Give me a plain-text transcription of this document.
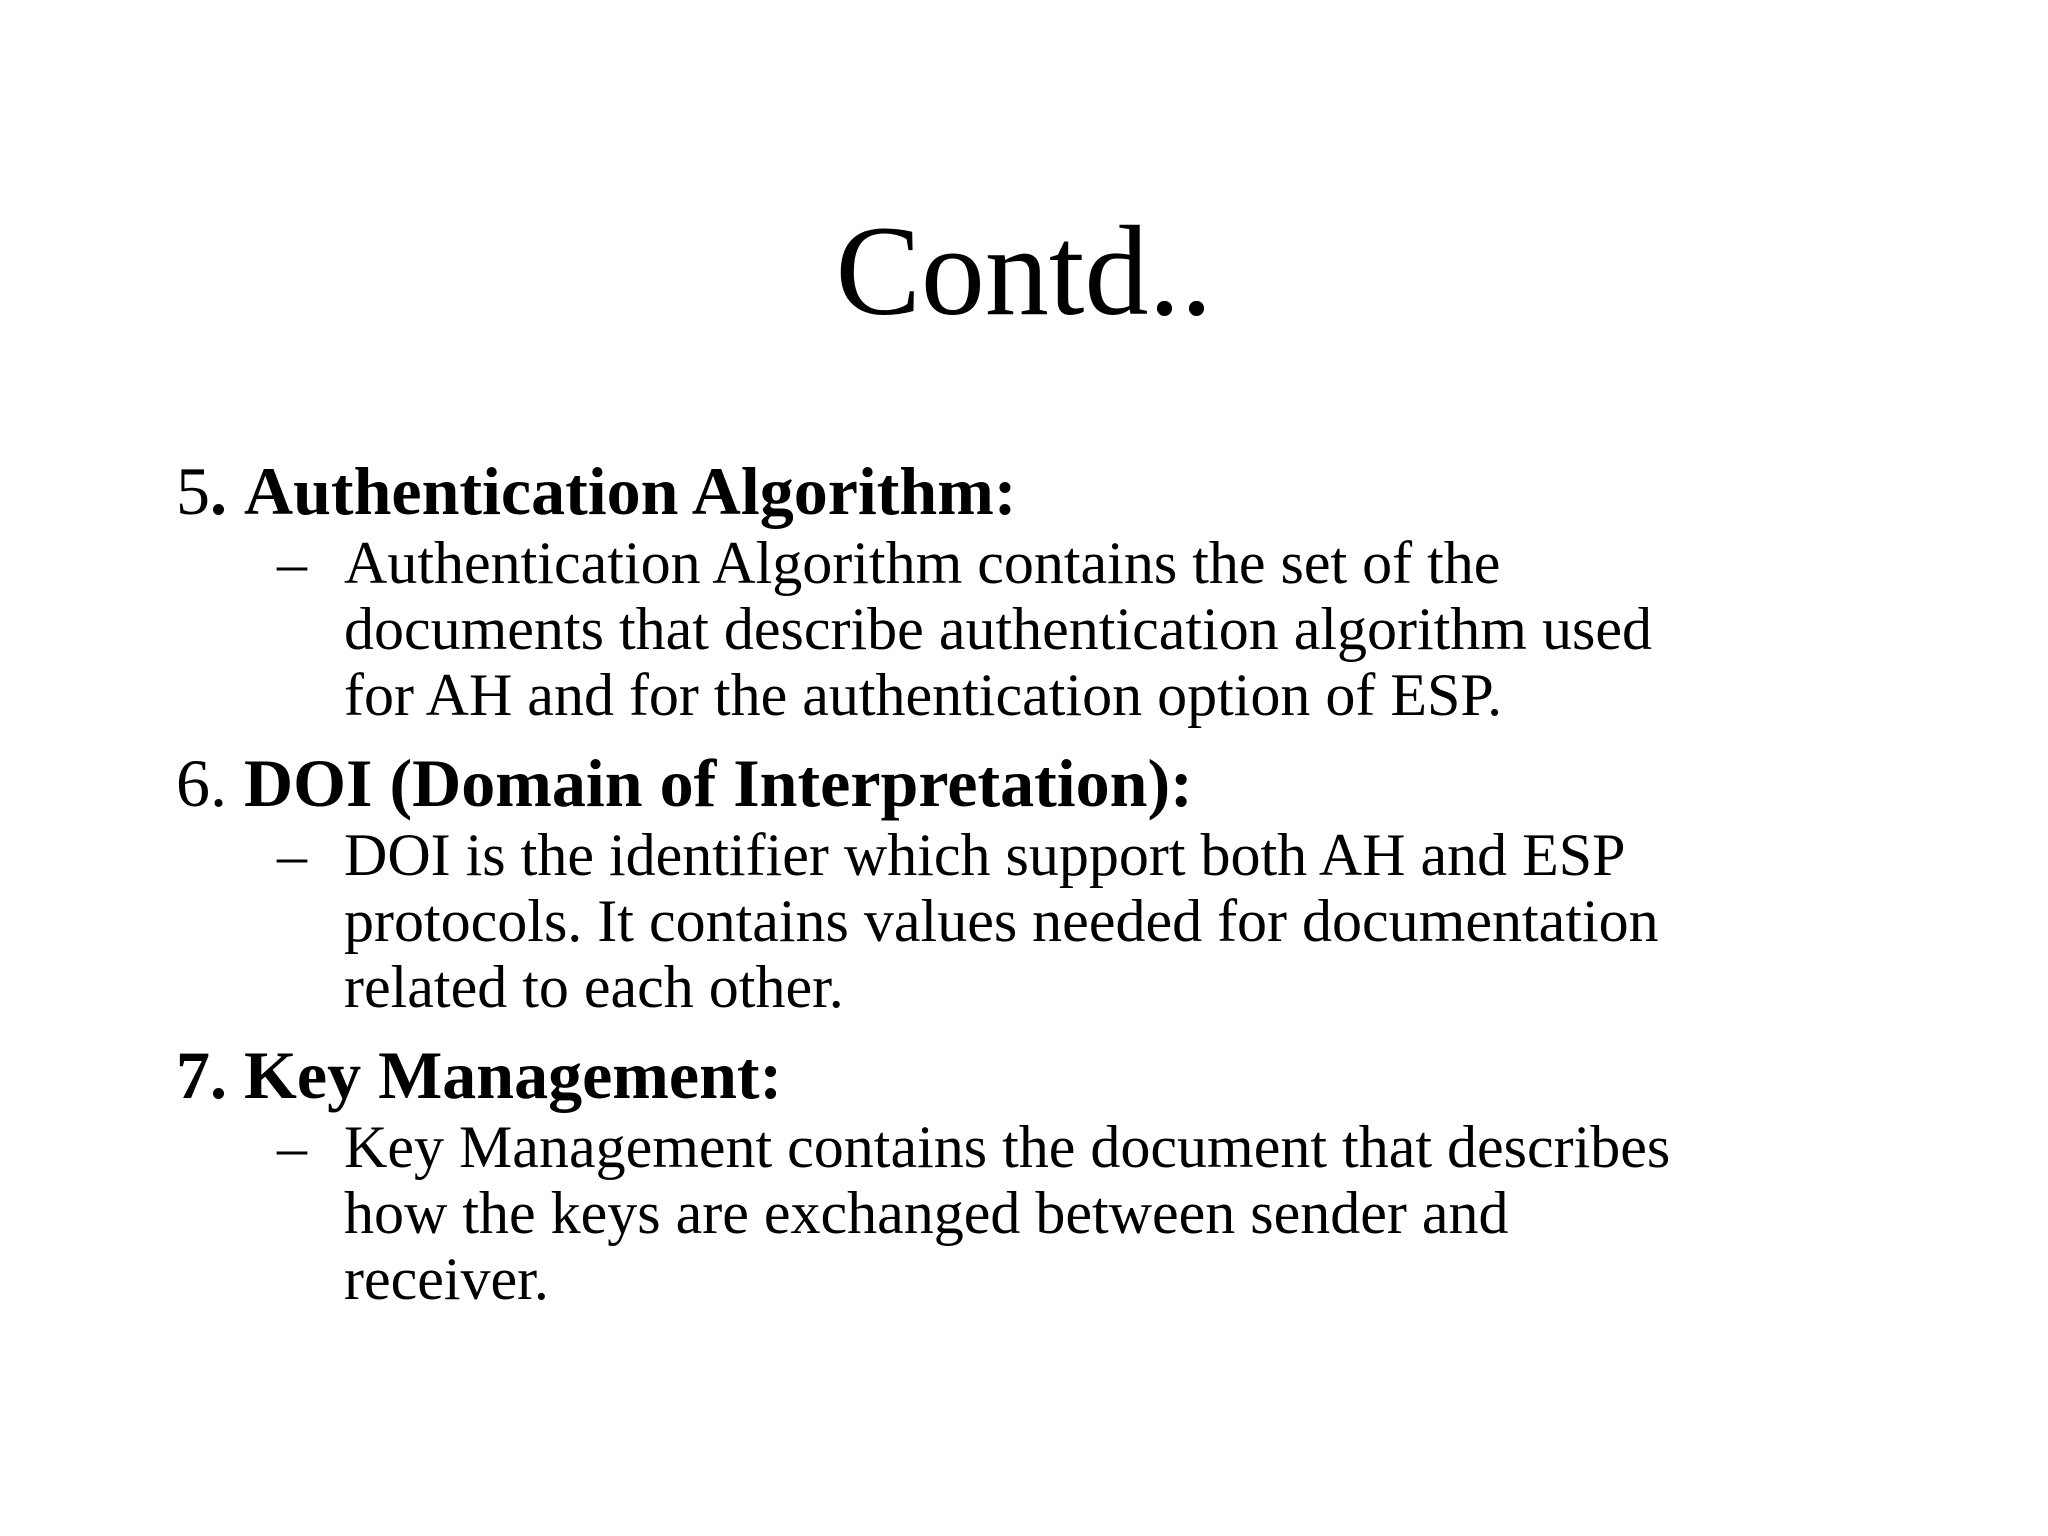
Contd..

5. Authentication Algorithm:

– Authentication Algorithm contains the set of the
documents that describe authentication algorithm used
for AH and for the authentication option of ESP.

6. DOI (Domain of Interpretation):

– DOI is the identifier which support both AH and ESP
protocols. It contains values needed for documentation
related to each other.

7. Key Management:

– Key Management contains the document that describes
how the keys are exchanged between sender and
receiver.
